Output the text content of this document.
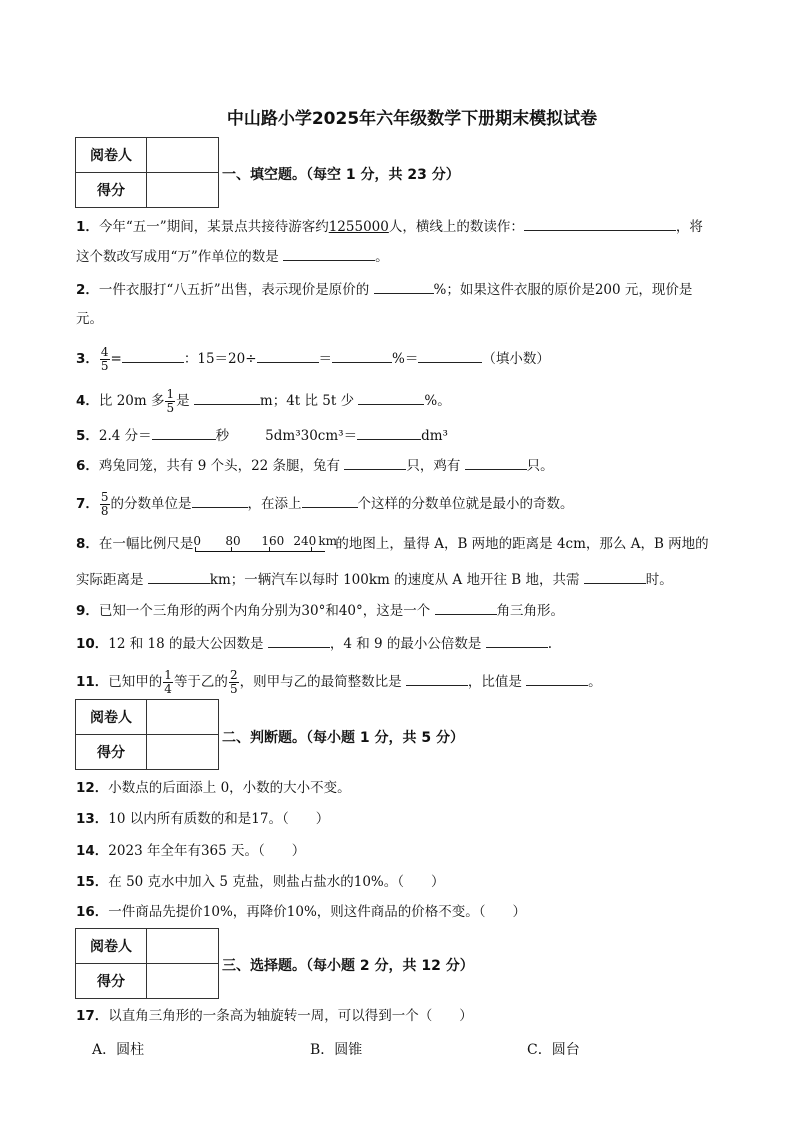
中山路小学2025年六年级数学下册期末模拟试卷
阅卷人	
得分	
一、填空题。（每空 1 分，共 23 分）
1．今年“五一”期间，某景点共接待游客约1255000人，横线上的数读作：	，将
这个数改写成用“万”作单位的数是	。
2．一件衣服打“八五折”出售，表示现价是原价的	%；如果这件衣服的原价是200 元，现价是
元。
3． $\frac{4}{5}$ =	：15＝20÷	＝	%＝	（填小数）
4．比 20m 多 $\frac{1}{5}$ 是	m；4t 比 5t 少	%。
5．2.4 分＝	秒	5dm³30cm³＝	dm³
6．鸡兔同笼，共有 9 个头，22 条腿，兔有	只，鸡有	只。
7． $\frac{5}{8}$ 的分数单位是	，在添上	个这样的分数单位就是最小的奇数。
8．在一幅比例尺是 0 80 160 240 km
的地图上，量得 A，B 两地的距离是 4cm，那么 A，B 两地的
实际距离是	km；一辆汽车以每时 100km 的速度从 A 地开往 B 地，共需	时。
9．已知一个三角形的两个内角分别为30°和40°，这是一个	角三角形。
10．12 和 18 的最大公因数是	，4 和 9 的最小公倍数是	.
11．已知甲的 $\frac{1}{4}$ 等于乙的 $\frac{2}{5}$ ，则甲与乙的最简整数比是	，比值是	。
阅卷人	
得分	
二、判断题。（每小题 1 分，共 5 分）
12．小数点的后面添上 0，小数的大小不变。
13．10 以内所有质数的和是17。（　　）
14．2023 年全年有365 天。（　　）
15．在 50 克水中加入 5 克盐，则盐占盐水的10%。（　　）
16．一件商品先提价10%，再降价10%，则这件商品的价格不变。（　　）
阅卷人	
得分	
三、选择题。（每小题 2 分，共 12 分）
17．以直角三角形的一条高为轴旋转一周，可以得到一个（　　）
A．圆柱	B．圆锥	C．圆台
